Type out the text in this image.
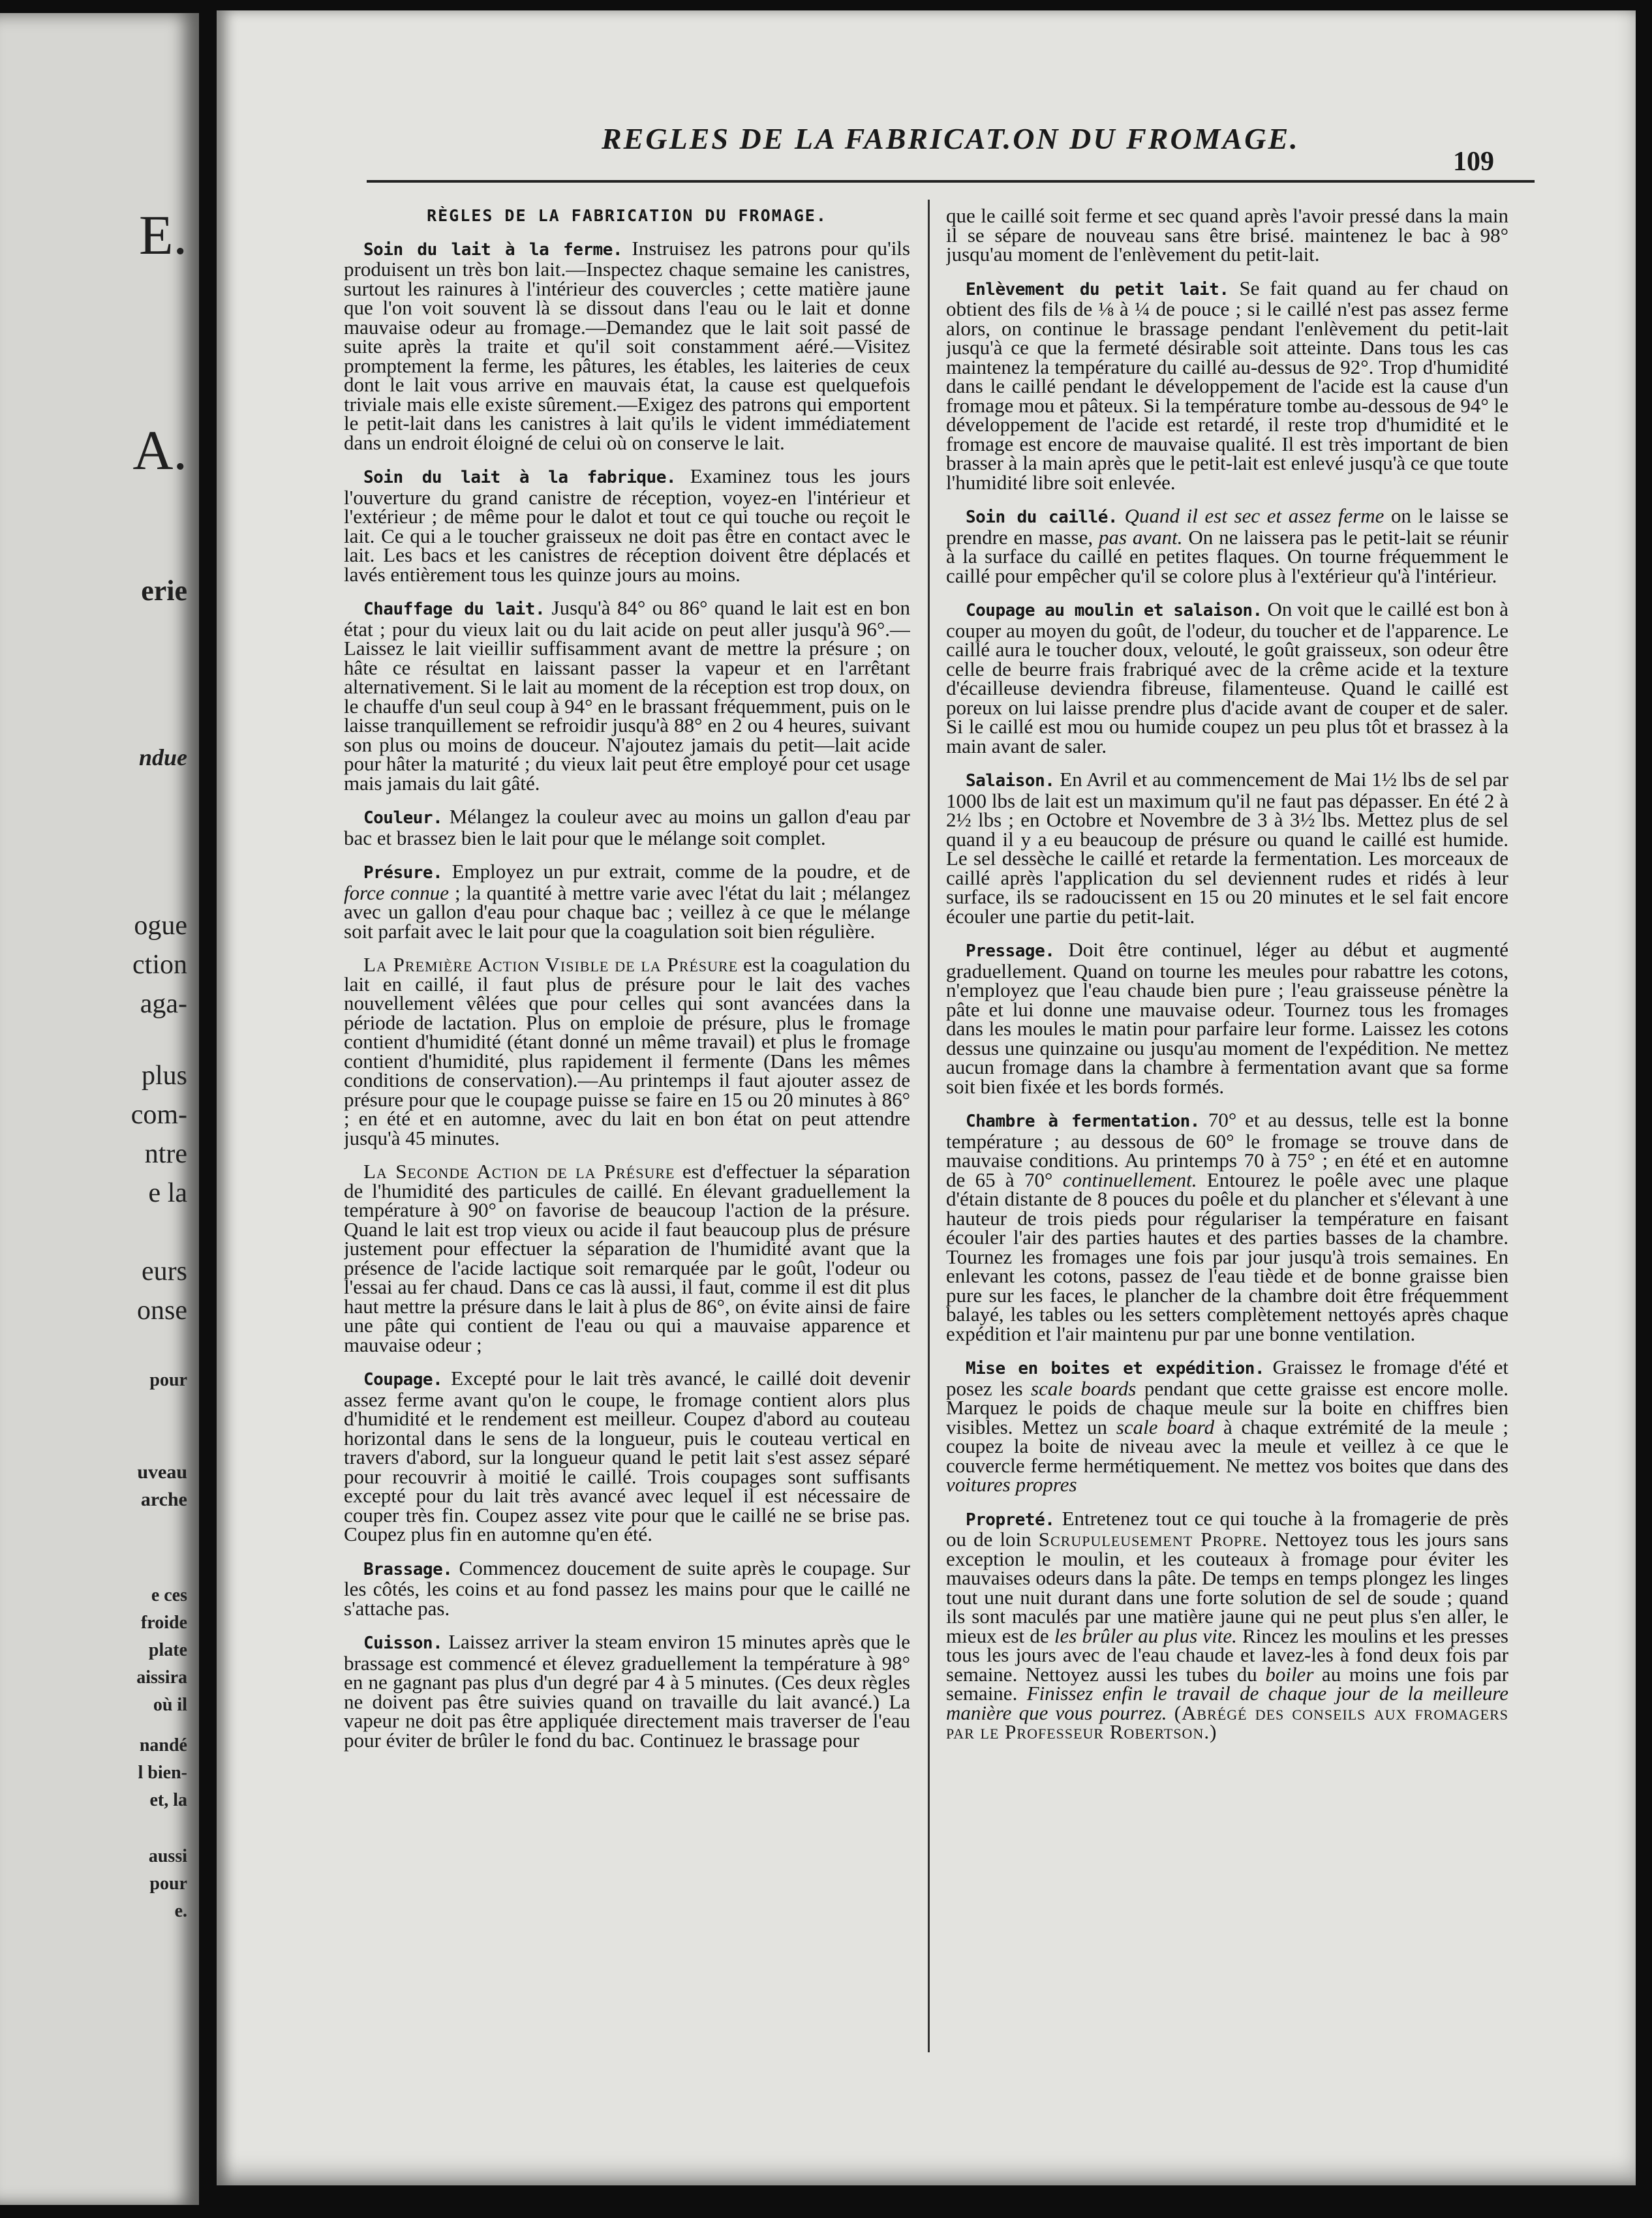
E.
A.
erie
ndue
ogue
ction
aga-
plus
com-
ntre
e la
eurs
onse
pour
uveau
arche
e ces
froide
plate
aissira
où il
nandé
l bien-
et, la
aussi
pour
e.
REGLES DE LA FABRICAT.ON DU FROMAGE.
109
RÈGLES DE LA FABRICATION DU FROMAGE.

Soin du lait à la ferme. Instruisez les patrons pour qu'ils produisent un très bon lait.—Inspectez chaque semaine les canistres, surtout les rainures à l'intérieur des couvercles ; cette matière jaune que l'on voit souvent là se dissout dans l'eau ou le lait et donne mauvaise odeur au fromage.—Demandez que le lait soit passé de suite après la traite et qu'il soit constamment aéré.—Visitez promptement la ferme, les pâtures, les étables, les laiteries de ceux dont le lait vous arrive en mauvais état, la cause est quelquefois triviale mais elle existe sûrement.—Exigez des patrons qui emportent le petit-lait dans les canistres à lait qu'ils le vident immédiatement dans un endroit éloigné de celui où on conserve le lait.

Soin du lait à la fabrique. Examinez tous les jours l'ouverture du grand canistre de réception, voyez-en l'intérieur et l'extérieur ; de même pour le dalot et tout ce qui touche ou reçoit le lait. Ce qui a le toucher graisseux ne doit pas être en contact avec le lait. Les bacs et les canistres de réception doivent être déplacés et lavés entièrement tous les quinze jours au moins.

Chauffage du lait. Jusqu'à 84° ou 86° quand le lait est en bon état ; pour du vieux lait ou du lait acide on peut aller jusqu'à 96°.—Laissez le lait vieillir suffisamment avant de mettre la présure ; on hâte ce résultat en laissant passer la vapeur et en l'arrêtant alternativement. Si le lait au moment de la réception est trop doux, on le chauffe d'un seul coup à 94° en le brassant fréquemment, puis on le laisse tranquillement se refroidir jusqu'à 88° en 2 ou 4 heures, suivant son plus ou moins de douceur. N'ajoutez jamais du petit—lait acide pour hâter la maturité ; du vieux lait peut être employé pour cet usage mais jamais du lait gâté.

Couleur. Mélangez la couleur avec au moins un gallon d'eau par bac et brassez bien le lait pour que le mélange soit complet.

Présure. Employez un pur extrait, comme de la poudre, et de force connue ; la quantité à mettre varie avec l'état du lait ; mélangez avec un gallon d'eau pour chaque bac ; veillez à ce que le mélange soit parfait avec le lait pour que la coagulation soit bien régulière.

La Première Action Visible de la Présure est la coagulation du lait en caillé, il faut plus de présure pour le lait des vaches nouvellement vêlées que pour celles qui sont avancées dans la période de lactation. Plus on emploie de présure, plus le fromage contient d'humidité (étant donné un même travail) et plus le fromage contient d'humidité, plus rapidement il fermente (Dans les mêmes conditions de conservation).—Au printemps il faut ajouter assez de présure pour que le coupage puisse se faire en 15 ou 20 minutes à 86° ; en été et en automne, avec du lait en bon état on peut attendre jusqu'à 45 minutes.

La Seconde Action de la Présure est d'effectuer la séparation de l'humidité des particules de caillé. En élevant graduellement la température à 90° on favorise de beaucoup l'action de la présure. Quand le lait est trop vieux ou acide il faut beaucoup plus de présure justement pour effectuer la séparation de l'humidité avant que la présence de l'acide lactique soit remarquée par le goût, l'odeur ou l'essai au fer chaud. Dans ce cas là aussi, il faut, comme il est dit plus haut mettre la présure dans le lait à plus de 86°, on évite ainsi de faire une pâte qui contient de l'eau ou qui a mauvaise apparence et mauvaise odeur ;

Coupage. Excepté pour le lait très avancé, le caillé doit devenir assez ferme avant qu'on le coupe, le fromage contient alors plus d'humidité et le rendement est meilleur. Coupez d'abord au couteau horizontal dans le sens de la longueur, puis le couteau vertical en travers d'abord, sur la longueur quand le petit lait s'est assez séparé pour recouvrir à moitié le caillé. Trois coupages sont suffisants excepté pour du lait très avancé avec lequel il est nécessaire de couper très fin. Coupez assez vite pour que le caillé ne se brise pas. Coupez plus fin en automne qu'en été.

Brassage. Commencez doucement de suite après le coupage. Sur les côtés, les coins et au fond passez les mains pour que le caillé ne s'attache pas.

Cuisson. Laissez arriver la steam environ 15 minutes après que le brassage est commencé et élevez graduellement la température à 98° en ne gagnant pas plus d'un degré par 4 à 5 minutes. (Ces deux règles ne doivent pas être suivies quand on travaille du lait avancé.) La vapeur ne doit pas être appliquée directement mais traverser de l'eau pour éviter de brûler le fond du bac. Continuez le brassage pour

que le caillé soit ferme et sec quand après l'avoir pressé dans la main il se sépare de nouveau sans être brisé. maintenez le bac à 98° jusqu'au moment de l'enlèvement du petit-lait.

Enlèvement du petit lait. Se fait quand au fer chaud on obtient des fils de ⅛ à ¼ de pouce ; si le caillé n'est pas assez ferme alors, on continue le brassage pendant l'enlèvement du petit-lait jusqu'à ce que la fermeté désirable soit atteinte. Dans tous les cas maintenez la température du caillé au-dessus de 92°. Trop d'humidité dans le caillé pendant le développement de l'acide est la cause d'un fromage mou et pâteux. Si la température tombe au-dessous de 94° le développement de l'acide est retardé, il reste trop d'humidité et le fromage est encore de mauvaise qualité. Il est très important de bien brasser à la main après que le petit-lait est enlevé jusqu'à ce que toute l'humidité libre soit enlevée.

Soin du caillé. Quand il est sec et assez ferme on le laisse se prendre en masse, pas avant. On ne laissera pas le petit-lait se réunir à la surface du caillé en petites flaques. On tourne fréquemment le caillé pour empêcher qu'il se colore plus à l'extérieur qu'à l'intérieur.

Coupage au moulin et salaison. On voit que le caillé est bon à couper au moyen du goût, de l'odeur, du toucher et de l'apparence. Le caillé aura le toucher doux, velouté, le goût graisseux, son odeur être celle de beurre frais frabriqué avec de la crême acide et la texture d'écailleuse deviendra fibreuse, filamenteuse. Quand le caillé est poreux on lui laisse prendre plus d'acide avant de couper et de saler. Si le caillé est mou ou humide coupez un peu plus tôt et brassez à la main avant de saler.

Salaison. En Avril et au commencement de Mai 1½ lbs de sel par 1000 lbs de lait est un maximum qu'il ne faut pas dépasser. En été 2 à 2½ lbs ; en Octobre et Novembre de 3 à 3½ lbs. Mettez plus de sel quand il y a eu beaucoup de présure ou quand le caillé est humide. Le sel dessèche le caillé et retarde la fermentation. Les morceaux de caillé après l'application du sel deviennent rudes et ridés à leur surface, ils se radoucissent en 15 ou 20 minutes et le sel fait encore écouler une partie du petit-lait.

Pressage. Doit être continuel, léger au début et augmenté graduellement. Quand on tourne les meules pour rabattre les cotons, n'employez que l'eau chaude bien pure ; l'eau graisseuse pénètre la pâte et lui donne une mauvaise odeur. Tournez tous les fromages dans les moules le matin pour parfaire leur forme. Laissez les cotons dessus une quinzaine ou jusqu'au moment de l'expédition. Ne mettez aucun fromage dans la chambre à fermentation avant que sa forme soit bien fixée et les bords formés.

Chambre à fermentation. 70° et au dessus, telle est la bonne température ; au dessous de 60° le fromage se trouve dans de mauvaise conditions. Au printemps 70 à 75° ; en été et en automne de 65 à 70° continuellement. Entourez le poêle avec une plaque d'étain distante de 8 pouces du poêle et du plancher et s'élevant à une hauteur de trois pieds pour régulariser la température en faisant écouler l'air des parties hautes et des parties basses de la chambre. Tournez les fromages une fois par jour jusqu'à trois semaines. En enlevant les cotons, passez de l'eau tiède et de bonne graisse bien pure sur les faces, le plancher de la chambre doit être fréquemment balayé, les tables ou les setters complètement nettoyés après chaque expédition et l'air maintenu pur par une bonne ventilation.

Mise en boites et expédition. Graissez le fromage d'été et posez les scale boards pendant que cette graisse est encore molle. Marquez le poids de chaque meule sur la boite en chiffres bien visibles. Mettez un scale board à chaque extrémité de la meule ; coupez la boite de niveau avec la meule et veillez à ce que le couvercle ferme hermétiquement. Ne mettez vos boites que dans des voitures propres

Propreté. Entretenez tout ce qui touche à la fromagerie de près ou de loin Scrupuleusement Propre. Nettoyez tous les jours sans exception le moulin, et les couteaux à fromage pour éviter les mauvaises odeurs dans la pâte. De temps en temps plongez les linges tout une nuit durant dans une forte solution de sel de soude ; quand ils sont maculés par une matière jaune qui ne peut plus s'en aller, le mieux est de les brûler au plus vite. Rincez les moulins et les presses tous les jours avec de l'eau chaude et lavez-les à fond deux fois par semaine. Nettoyez aussi les tubes du boiler au moins une fois par semaine. Finissez enfin le travail de chaque jour de la meilleure manière que vous pourrez. (Abrégé des conseils aux fromagers par le Professeur Robertson.)
